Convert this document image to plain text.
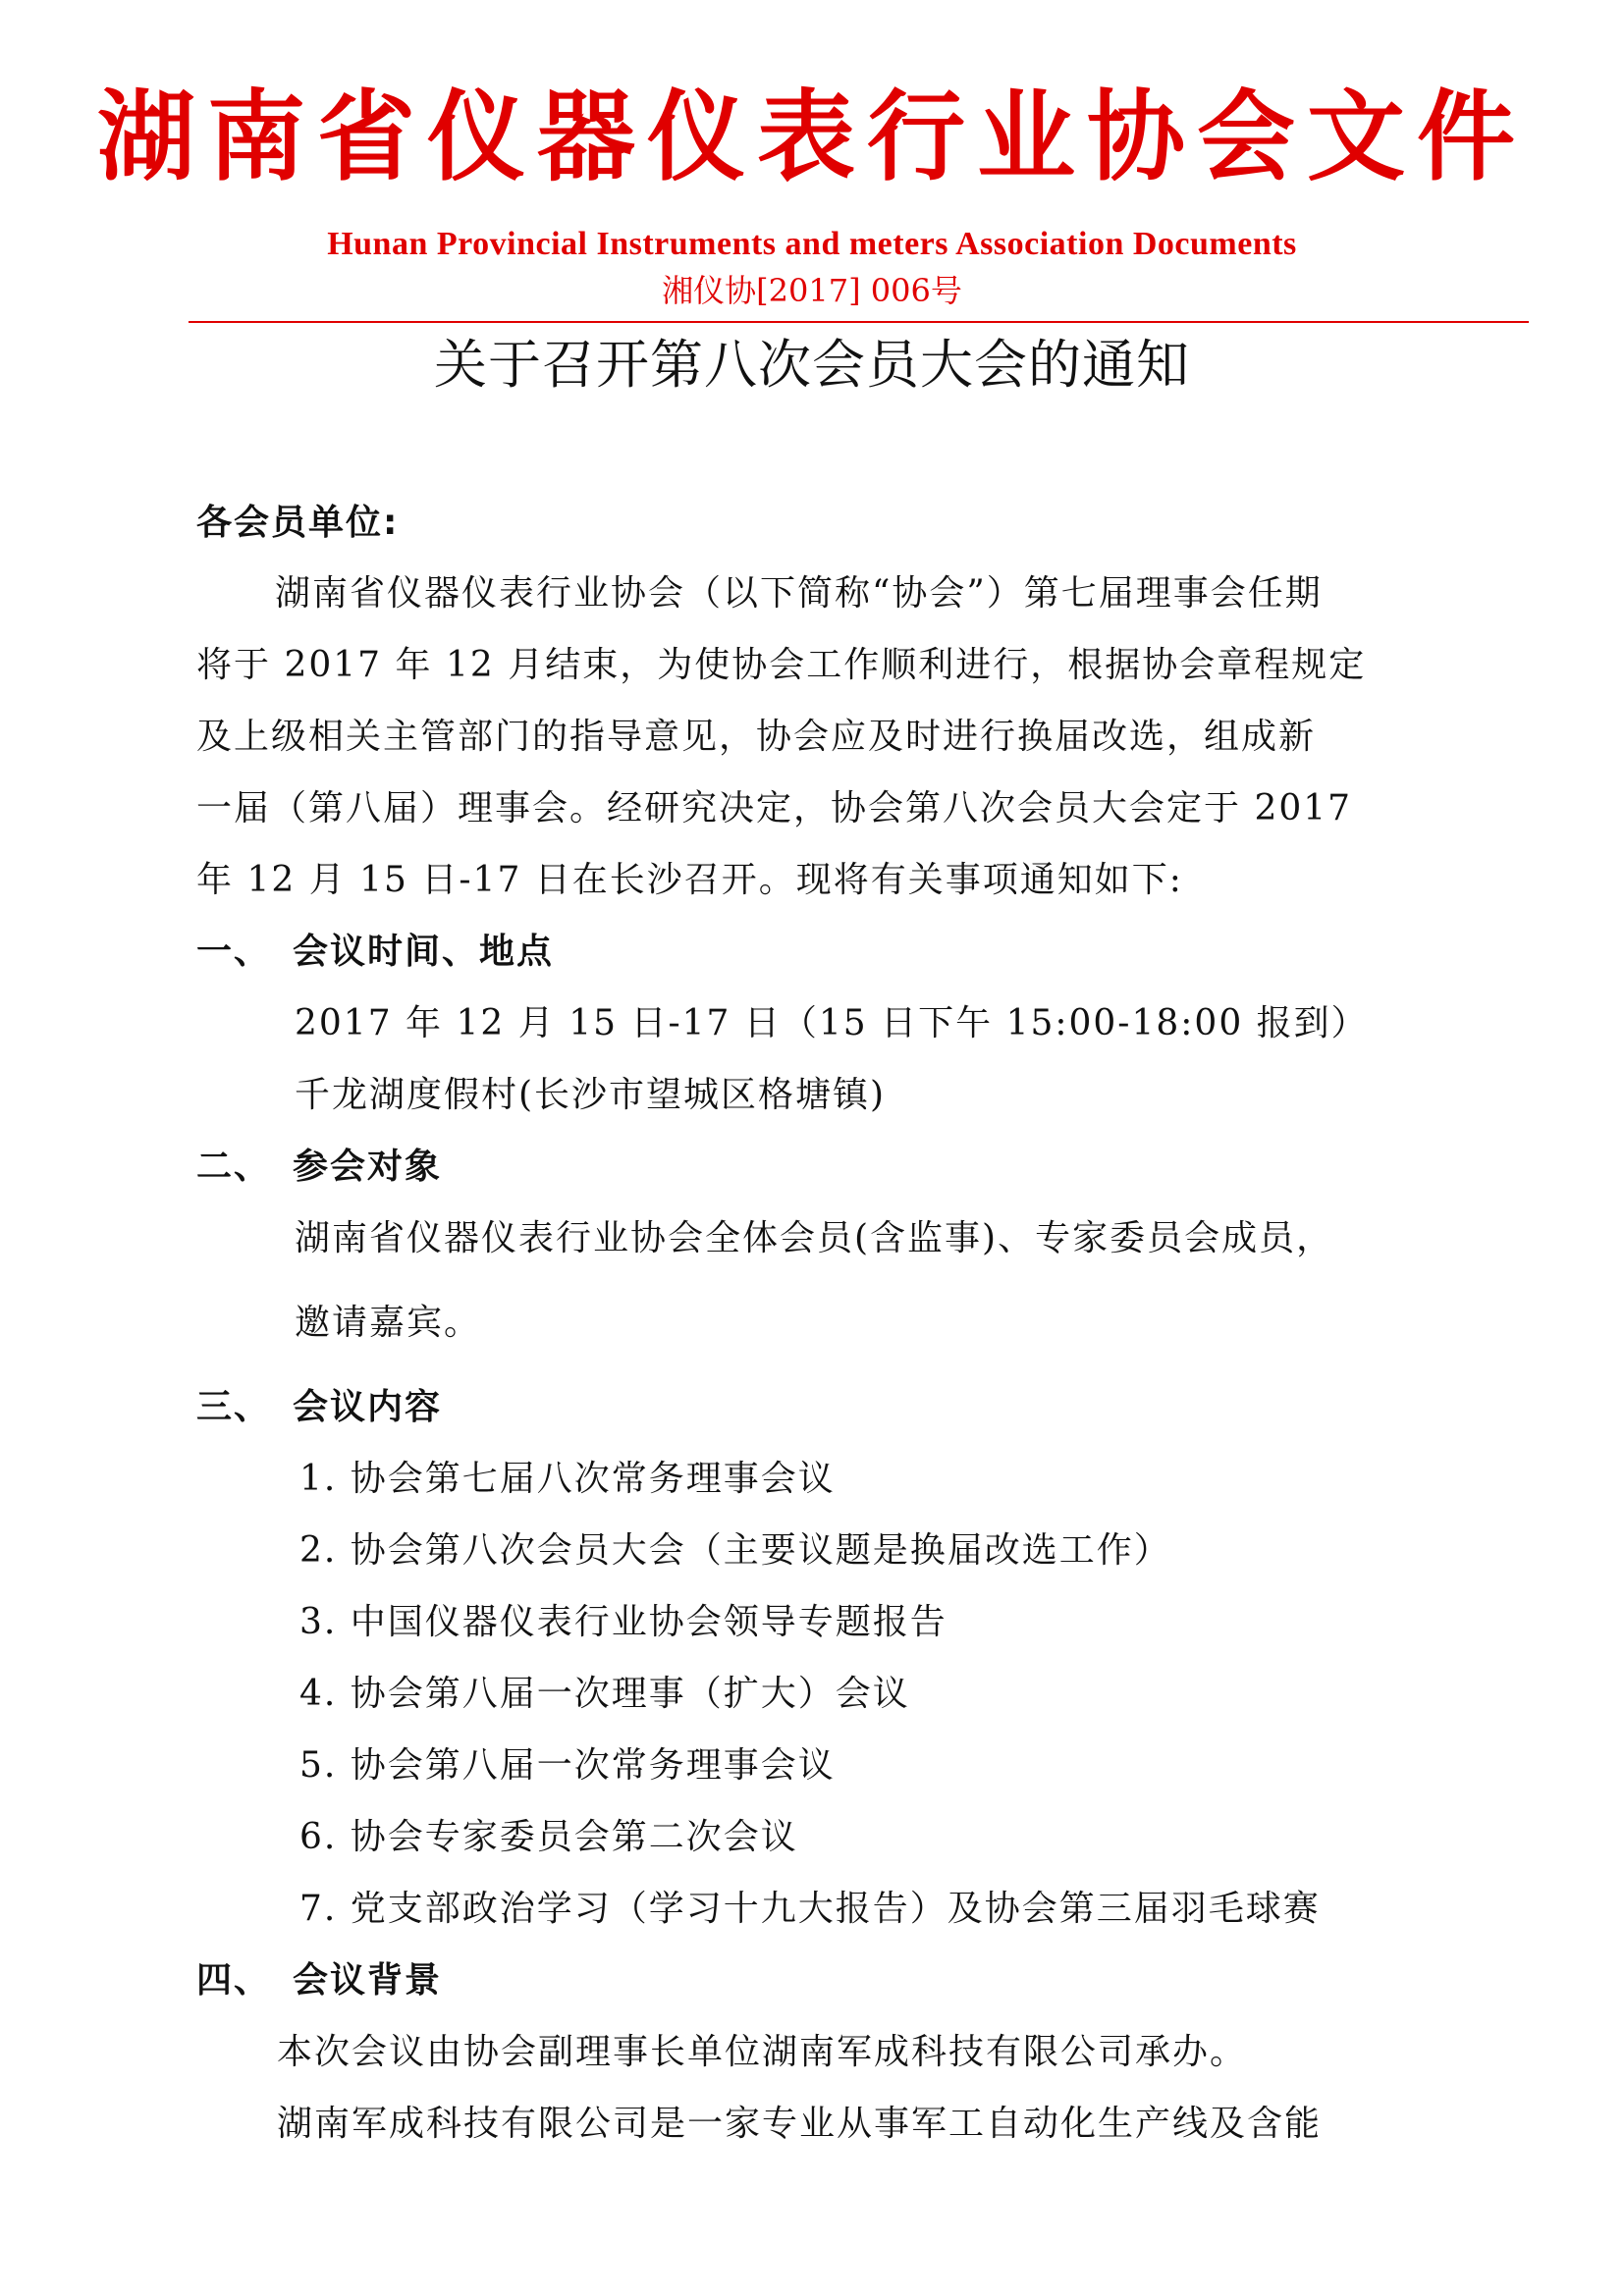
湖南省仪器仪表行业协会文件
Hunan Provincial Instruments and meters Association Documents
湘仪协[2017] 006号
关于召开第八次会员大会的通知
各会员单位:
湖南省仪器仪表行业协会（以下简称“协会”）第七届理事会任期
将于 2017 年 12 月结束，为使协会工作顺利进行，根据协会章程规定
及上级相关主管部门的指导意见，协会应及时进行换届改选，组成新
一届（第八届）理事会。经研究决定，协会第八次会员大会定于 2017
年 12 月 15 日-17 日在长沙召开。现将有关事项通知如下:
一、 会议时间、地点
2017 年 12 月 15 日-17 日（15 日下午 15:00-18:00 报到）
千龙湖度假村(长沙市望城区格塘镇)
二、 参会对象
湖南省仪器仪表行业协会全体会员(含监事)、专家委员会成员，
邀请嘉宾。
三、 会议内容
1. 协会第七届八次常务理事会议
2. 协会第八次会员大会（主要议题是换届改选工作）
3. 中国仪器仪表行业协会领导专题报告
4. 协会第八届一次理事（扩大）会议
5. 协会第八届一次常务理事会议
6. 协会专家委员会第二次会议
7. 党支部政治学习（学习十九大报告）及协会第三届羽毛球赛
四、 会议背景
本次会议由协会副理事长单位湖南军成科技有限公司承办。
湖南军成科技有限公司是一家专业从事军工自动化生产线及含能
